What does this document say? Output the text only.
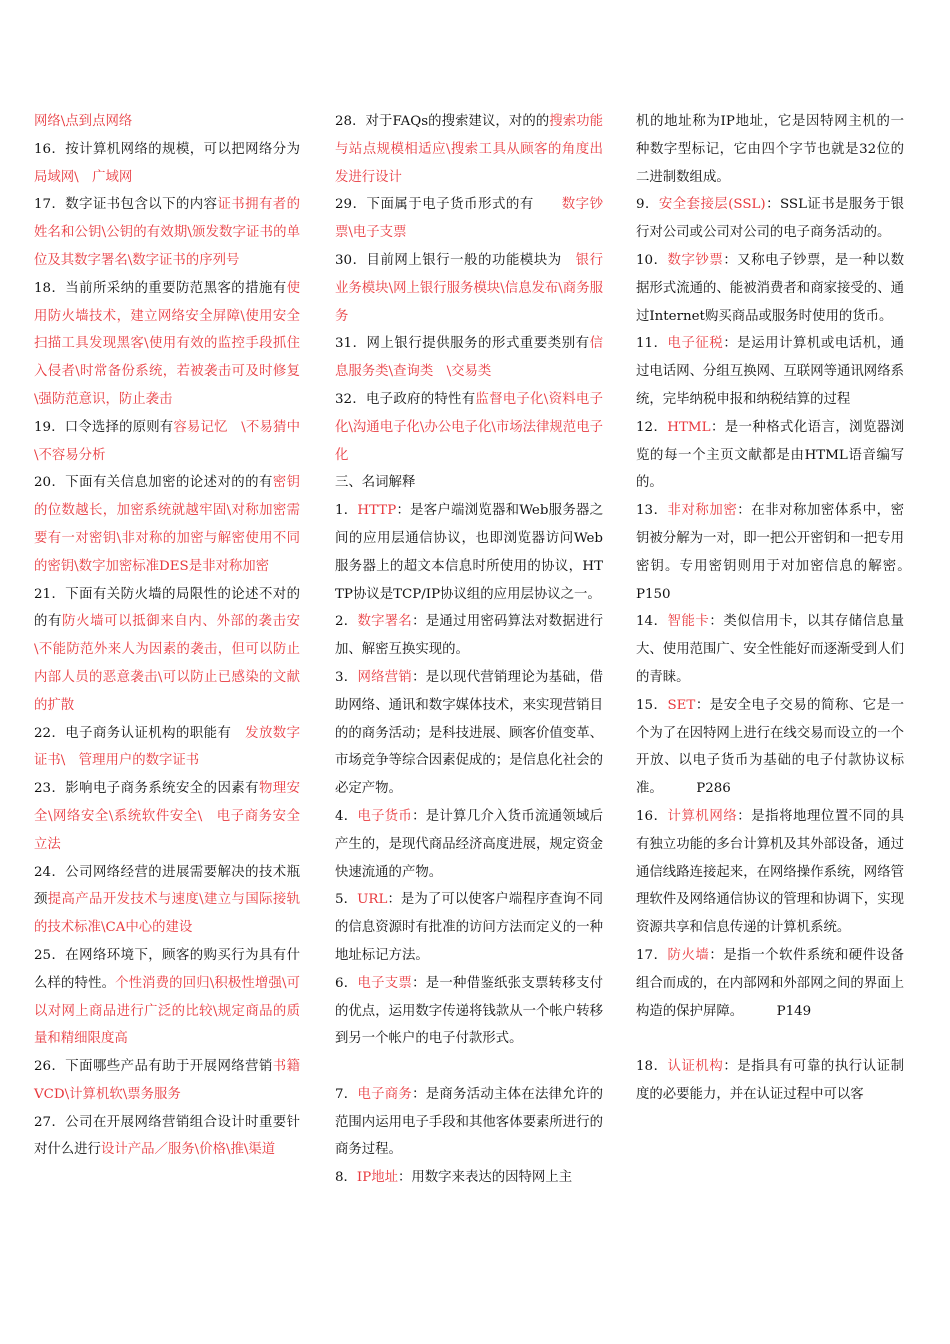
网络\点到点网络

16．按计算机网络的规模，可以把网络分为　　局域网\　广域网

17．数字证书包含以下的内容证书拥有者的姓名和公钥\公钥的有效期\颁发数字证书的单位及其数字署名\数字证书的序列号

18．当前所采纳的重要防范黑客的措施有使用防火墙技术，建立网络安全屏障\使用安全扫描工具发现黑客\使用有效的监控手段抓住入侵者\时常备份系统，若被袭击可及时修复　\强防范意识，防止袭击

19．口令选择的原则有容易记忆　\不易猜中\不容易分析

20．下面有关信息加密的论述对的的有密钥的位数越长，加密系统就越牢固\对称加密需要有一对密钥\非对称的加密与解密使用不同的密钥\数字加密标准DES是非对称加密

21．下面有关防火墙的局限性的论述不对的的有防火墙可以抵御来自内、外部的袭击安\不能防范外来人为因素的袭击，但可以防止内部人员的恶意袭击\可以防止已感染的文献的扩散

22．电子商务认证机构的职能有　发放数字证书\　管理用户的数字证书

23．影响电子商务系统安全的因素有物理安全\网络安全\系统软件安全\　电子商务安全立法

24．公司网络经营的进展需要解决的技术瓶颈提高产品开发技术与速度\建立与国际接轨的技术标准\CA中心的建设

25．在网络环境下，顾客的购买行为具有什么样的特性。个性消费的回归\积极性增强\可以对网上商品进行广泛的比较\规定商品的质量和精细限度高

26．下面哪些产品有助于开展网络营销书籍　　VCD\计算机软\票务服务

27．公司在开展网络营销组合设计时重要针对什么进行设计产品／服务\价格\推\渠道

28．对于FAQs的搜索建议，对的的搜索功能与站点规模相适应\搜索工具从顾客的角度出发进行设计

29．下面属于电子货币形式的有　　数字钞票\电子支票

30．目前网上银行一般的功能模块为　银行业务模块\网上银行服务模块\信息发布\商务服务

31．网上银行提供服务的形式重要类别有信息服务类\查询类　\交易类

32．电子政府的特性有监督电子化\资料电子化\沟通电子化\办公电子化\市场法律规范电子化

三、名词解释

1．HTTP：是客户端浏览器和Web服务器之间的应用层通信协议，也即浏览器访问Web服务器上的超文本信息时所使用的协议，HTTP协议是TCP/IP协议组的应用层协议之一。

2．数字署名：是通过用密码算法对数据进行加、解密互换实现的。

3．网络营销：是以现代营销理论为基础，借助网络、通讯和数字媒体技术，来实现营销目的的商务活动；是科技进展、顾客价值变革、市场竞争等综合因素促成的；是信息化社会的必定产物。

4．电子货币：是计算几介入货币流通领域后产生的，是现代商品经济高度进展，规定资金快速流通的产物。

5．URL：是为了可以使客户端程序查询不同的信息资源时有批准的访问方法而定义的一种地址标记方法。

6．电子支票：是一种借鉴纸张支票转移支付的优点，运用数字传递将钱款从一个帐户转移到另一个帐户的电子付款形式。

7．电子商务：是商务活动主体在法律允许的范围内运用电子手段和其他客体要素所进行的商务过程。

8．IP地址：用数字来表达的因特网上主

机的地址称为IP地址，它是因特网主机的一种数字型标记，它由四个字节也就是32位的二进制数组成。

9．安全套接层(SSL)：SSL证书是服务于银行对公司或公司对公司的电子商务活动的。

10．数字钞票：又称电子钞票，是一种以数据形式流通的、能被消费者和商家接受的、通过Internet购买商品或服务时使用的货币。

11．电子征税：是运用计算机或电话机，通过电话网、分组互换网、互联网等通讯网络系统，完毕纳税申报和纳税结算的过程

12．HTML：是一种格式化语言，浏览器浏览的每一个主页文献都是由HTML语音编写的。

13．非对称加密：在非对称加密体系中，密钥被分解为一对，即一把公开密钥和一把专用密钥。专用密钥则用于对加密信息的解密。　　　P150

14．智能卡：类似信用卡，以其存储信息量大、使用范围广、安全性能好而逐渐受到人们的青睐。

15．SET：是安全电子交易的简称、它是一个为了在因特网上进行在线交易而设立的一个开放、以电子货币为基础的电子付款协议标准。　　　P286

16．计算机网络：是指将地理位置不同的具有独立功能的多台计算机及其外部设备，通过通信线路连接起来，在网络操作系统，网络管理软件及网络通信协议的管理和协调下，实现资源共享和信息传递的计算机系统。

17．防火墙：是指一个软件系统和硬件设备组合而成的，在内部网和外部网之间的界面上构造的保护屏障。　　　P149

18．认证机构：是指具有可靠的执行认证制度的必要能力，并在认证过程中可以客
